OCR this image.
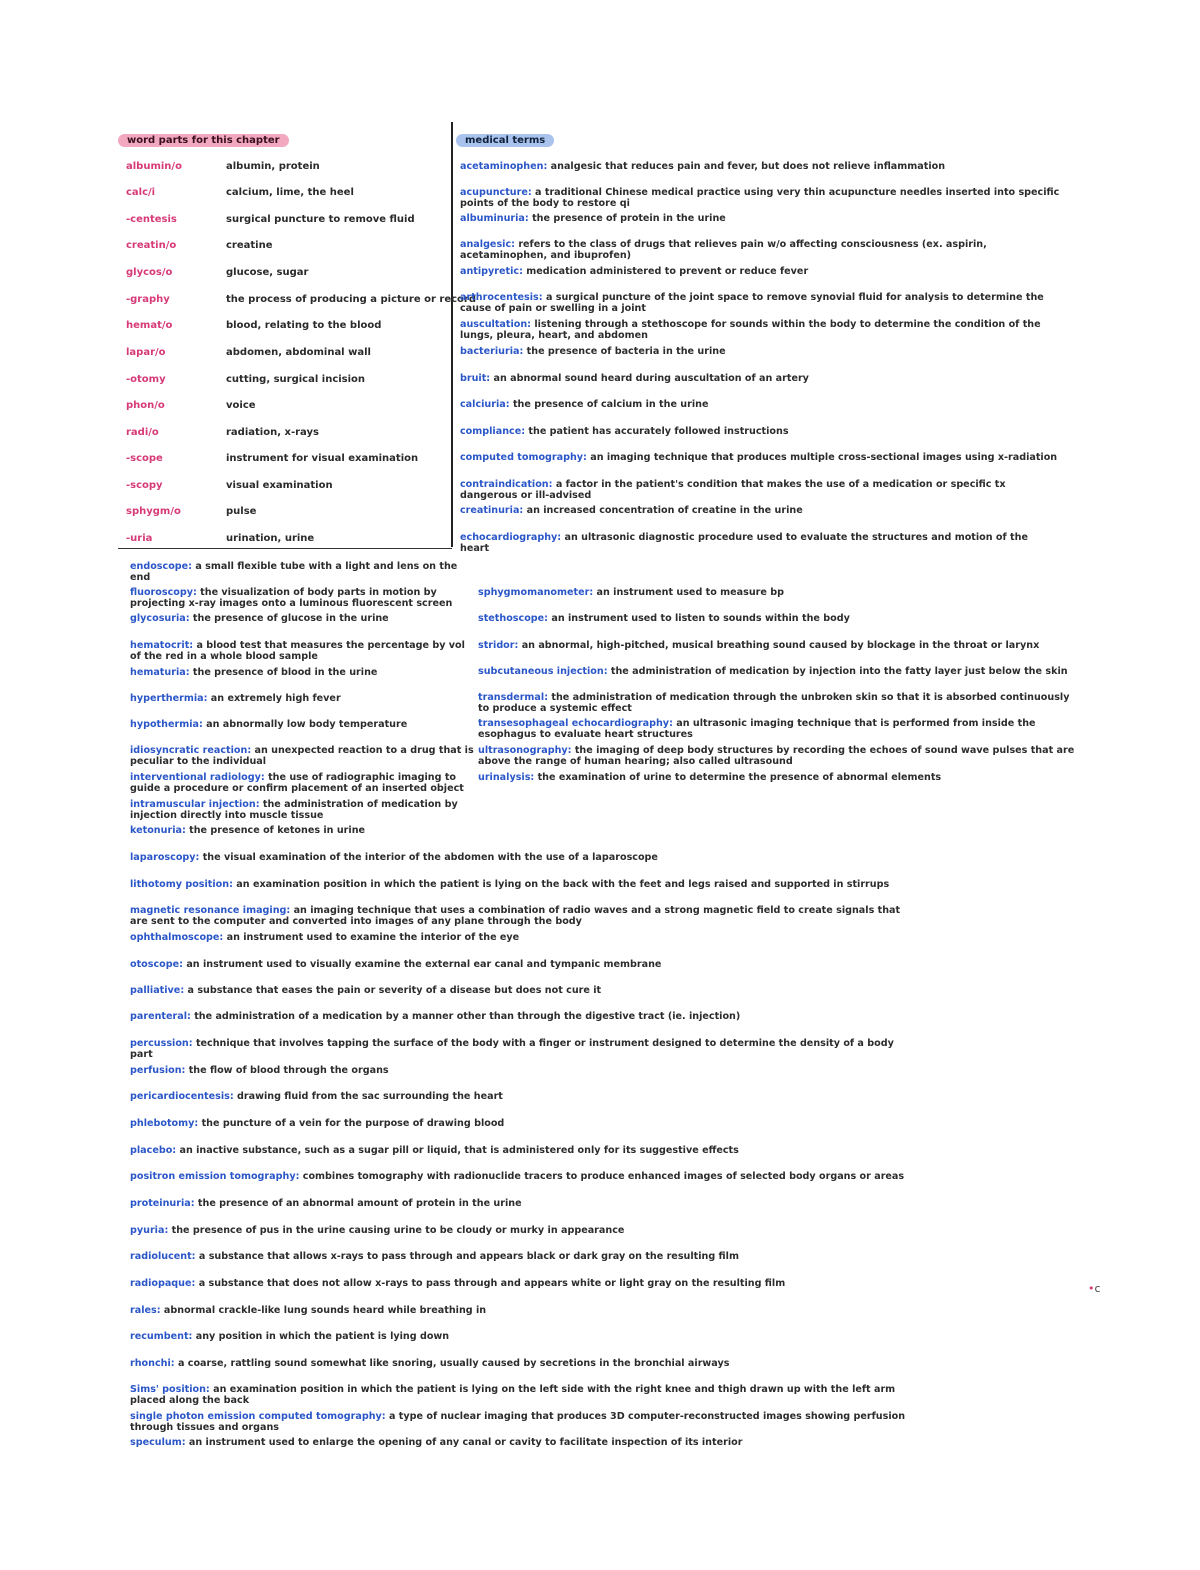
word parts for this chapter	medical terms
albumin/o	albumin, protein
calc/i	calcium, lime, the heel
-centesis	surgical puncture to remove fluid
creatin/o	creatine
glycos/o	glucose, sugar
-graphy	the process of producing a picture or record
hemat/o	blood, relating to the blood
lapar/o	abdomen, abdominal wall
-otomy	cutting, surgical incision
phon/o	voice
radi/o	radiation, x-rays
-scope	instrument for visual examination
-scopy	visual examination
sphygm/o	pulse
-uria	urination, urine
acetaminophen: analgesic that reduces pain and fever, but does not relieve inflammation
acupuncture: a traditional Chinese medical practice using very thin acupuncture needles inserted into specific points of the body to restore qi
albuminuria: the presence of protein in the urine
analgesic: refers to the class of drugs that relieves pain w/o affecting consciousness (ex. aspirin, acetaminophen, and ibuprofen)
antipyretic: medication administered to prevent or reduce fever
arthrocentesis: a surgical puncture of the joint space to remove synovial fluid for analysis to determine the cause of pain or swelling in a joint
auscultation: listening through a stethoscope for sounds within the body to determine the condition of the lungs, pleura, heart, and abdomen
bacteriuria: the presence of bacteria in the urine
bruit: an abnormal sound heard during auscultation of an artery
calciuria: the presence of calcium in the urine
compliance: the patient has accurately followed instructions
computed tomography: an imaging technique that produces multiple cross-sectional images using x-radiation
contraindication: a factor in the patient's condition that makes the use of a medication or specific tx dangerous or ill-advised
creatinuria: an increased concentration of creatine in the urine
echocardiography: an ultrasonic diagnostic procedure used to evaluate the structures and motion of the heart
endoscope: a small flexible tube with a light and lens on the end
fluoroscopy: the visualization of body parts in motion by projecting x-ray images onto a luminous fluorescent screen
glycosuria: the presence of glucose in the urine
hematocrit: a blood test that measures the percentage by vol of the red in a whole blood sample
hematuria: the presence of blood in the urine
hyperthermia: an extremely high fever
hypothermia: an abnormally low body temperature
idiosyncratic reaction: an unexpected reaction to a drug that is peculiar to the individual
interventional radiology: the use of radiographic imaging to guide a procedure or confirm placement of an inserted object
intramuscular injection: the administration of medication by injection directly into muscle tissue
ketonuria: the presence of ketones in urine
sphygmomanometer: an instrument used to measure bp
stethoscope: an instrument used to listen to sounds within the body
stridor: an abnormal, high-pitched, musical breathing sound caused by blockage in the throat or larynx
subcutaneous injection: the administration of medication by injection into the fatty layer just below the skin
transdermal: the administration of medication through the unbroken skin so that it is absorbed continuously to produce a systemic effect
transesophageal echocardiography: an ultrasonic imaging technique that is performed from inside the esophagus to evaluate heart structures
ultrasonography: the imaging of deep body structures by recording the echoes of sound wave pulses that are above the range of human hearing; also called ultrasound
urinalysis: the examination of urine to determine the presence of abnormal elements
laparoscopy: the visual examination of the interior of the abdomen with the use of a laparoscope
lithotomy position: an examination position in which the patient is lying on the back with the feet and legs raised and supported in stirrups
magnetic resonance imaging: an imaging technique that uses a combination of radio waves and a strong magnetic field to create signals that are sent to the computer and converted into images of any plane through the body
ophthalmoscope: an instrument used to examine the interior of the eye
otoscope: an instrument used to visually examine the external ear canal and tympanic membrane
palliative: a substance that eases the pain or severity of a disease but does not cure it
parenteral: the administration of a medication by a manner other than through the digestive tract (ie. injection)
percussion: technique that involves tapping the surface of the body with a finger or instrument designed to determine the density of a body part
perfusion: the flow of blood through the organs
pericardiocentesis: drawing fluid from the sac surrounding the heart
phlebotomy: the puncture of a vein for the purpose of drawing blood
placebo: an inactive substance, such as a sugar pill or liquid, that is administered only for its suggestive effects
positron emission tomography: combines tomography with radionuclide tracers to produce enhanced images of selected body organs or areas
proteinuria: the presence of an abnormal amount of protein in the urine
pyuria: the presence of pus in the urine causing urine to be cloudy or murky in appearance
radiolucent: a substance that allows x-rays to pass through and appears black or dark gray on the resulting film
radiopaque: a substance that does not allow x-rays to pass through and appears white or light gray on the resulting film
rales: abnormal crackle-like lung sounds heard while breathing in
recumbent: any position in which the patient is lying down
rhonchi: a coarse, rattling sound somewhat like snoring, usually caused by secretions in the bronchial airways
Sims' position: an examination position in which the patient is lying on the left side with the right knee and thigh drawn up with the left arm placed along the back
single photon emission computed tomography: a type of nuclear imaging that produces 3D computer-reconstructed images showing perfusion through tissues and organs
speculum: an instrument used to enlarge the opening of any canal or cavity to facilitate inspection of its interior
•c
